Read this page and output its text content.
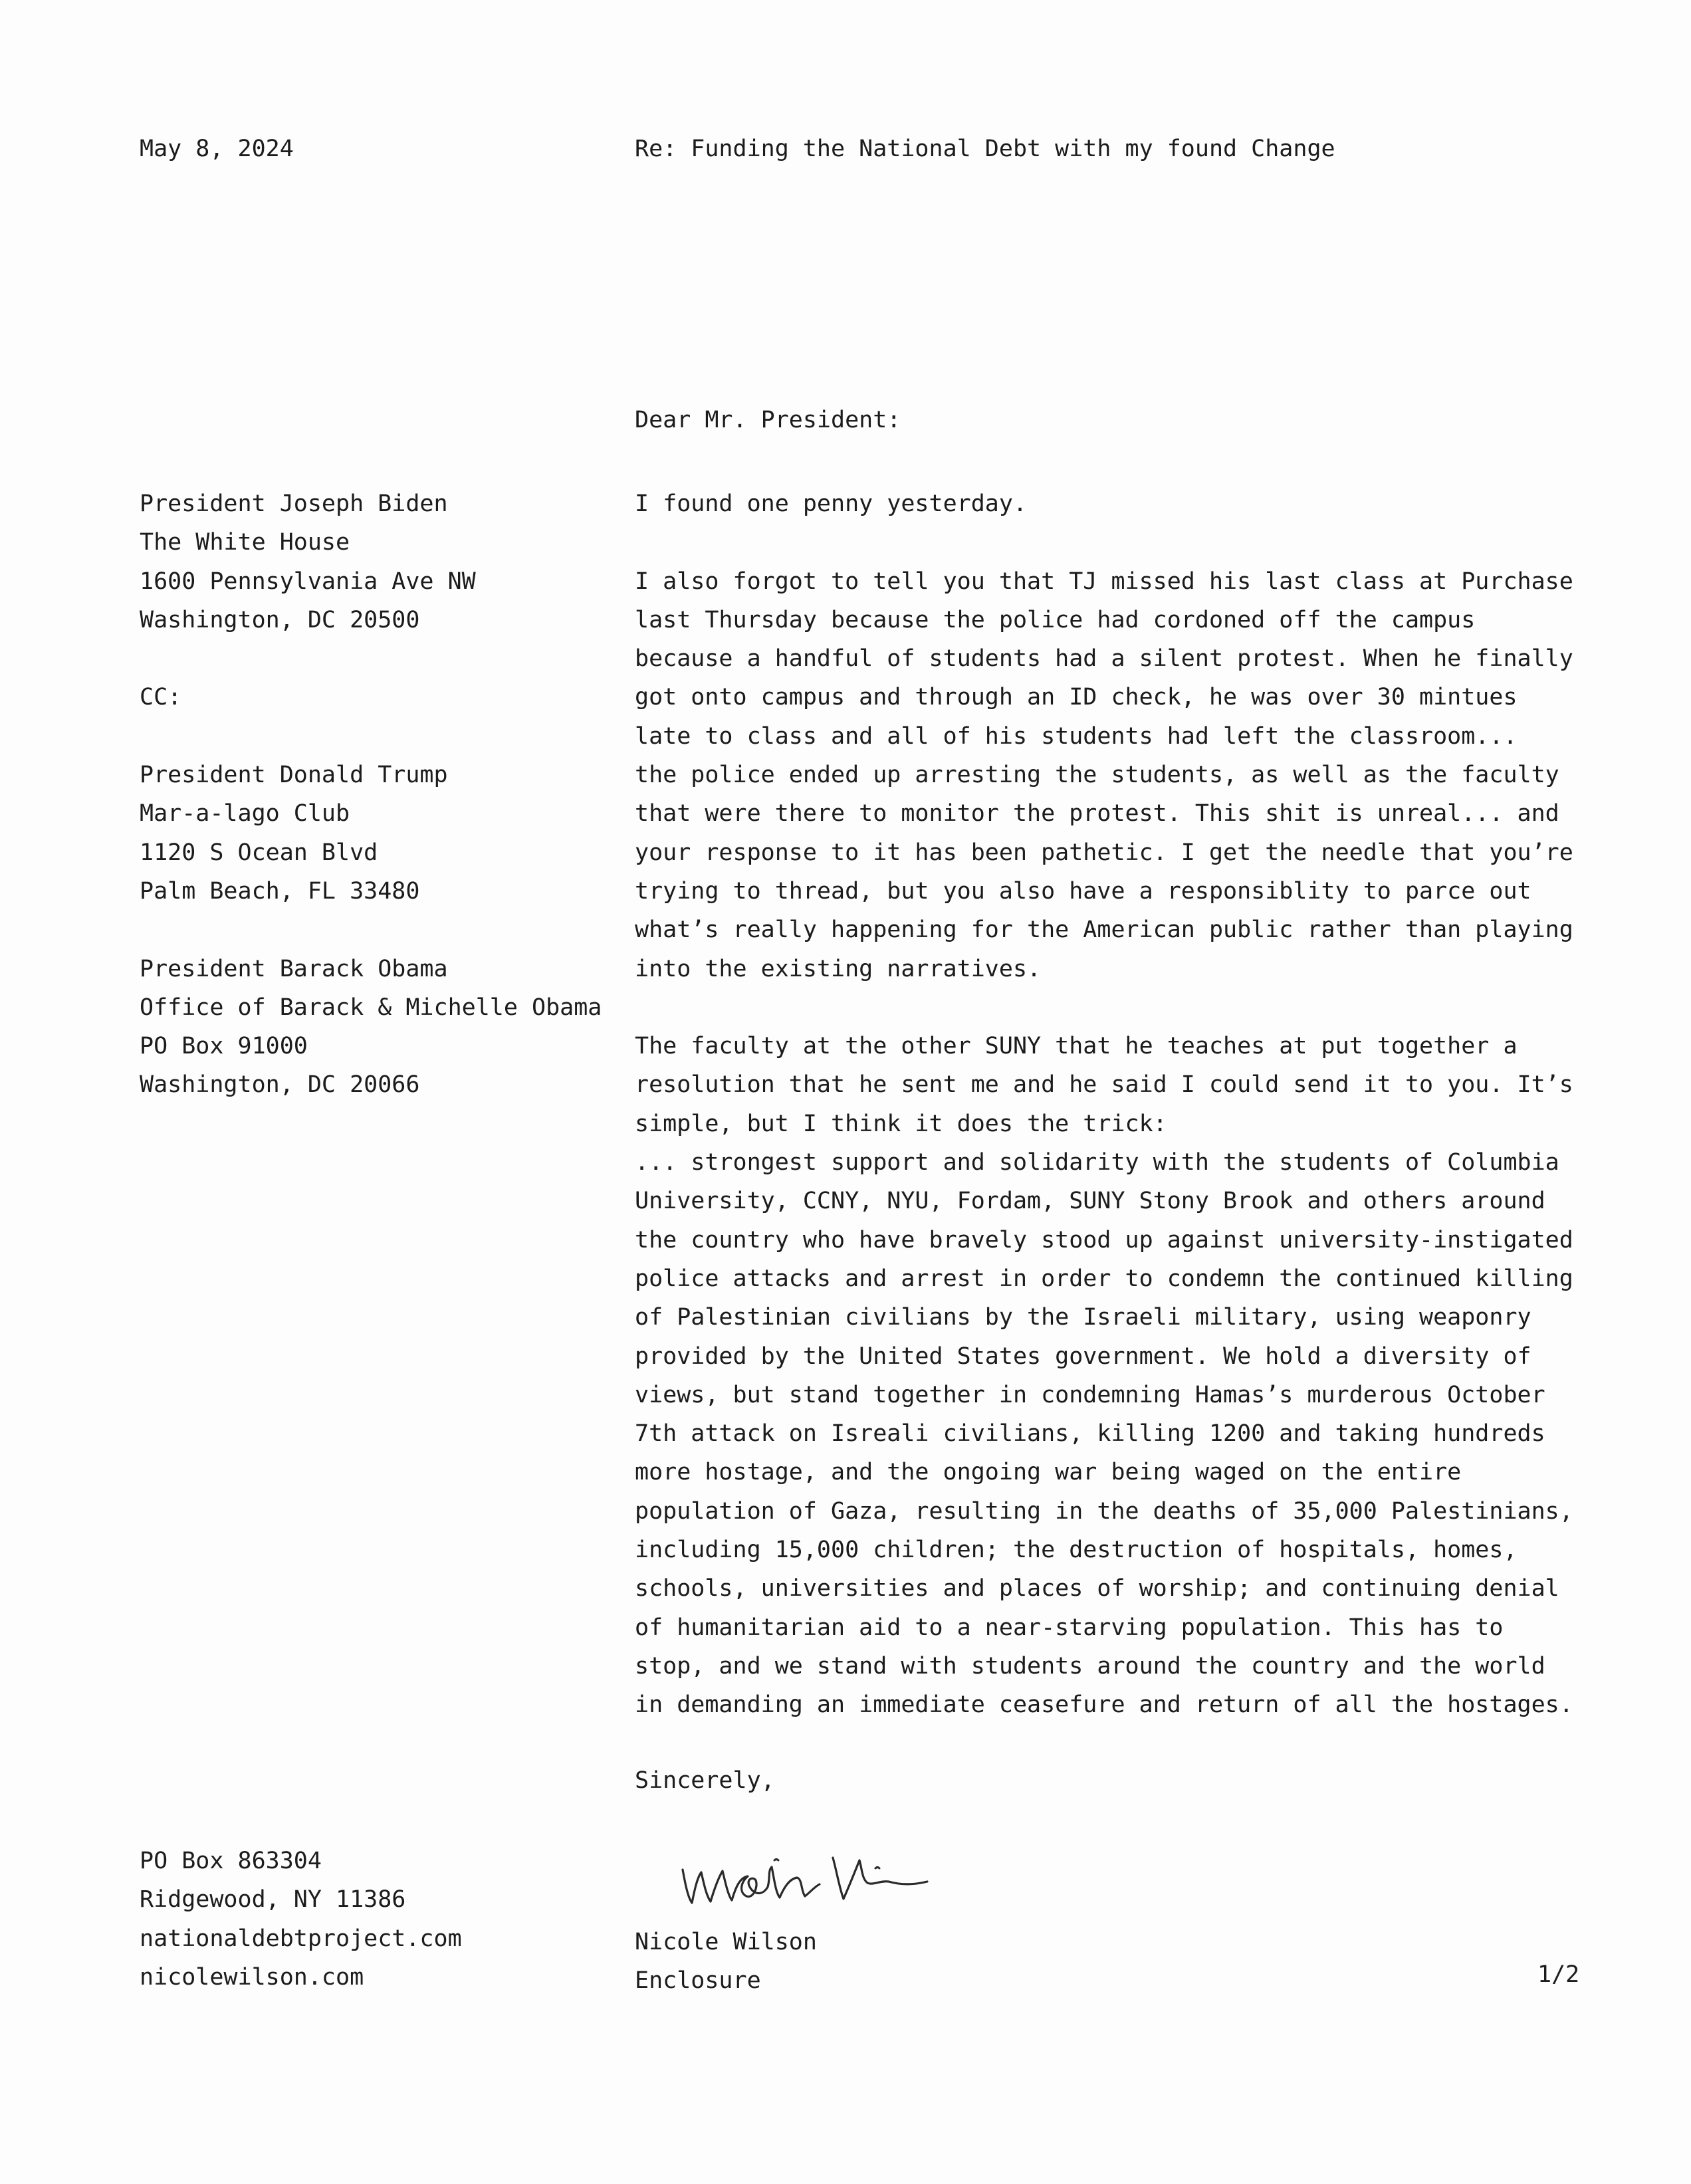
May 8, 2024	Re: Funding the National Debt with my found Change
Dear Mr. President:
President Joseph Biden
The White House
1600 Pennsylvania Ave NW
Washington, DC 20500
CC:
President Donald Trump
Mar-a-lago Club
1120 S Ocean Blvd
Palm Beach, FL 33480
President Barack Obama
Office of Barack & Michelle Obama
PO Box 91000
Washington, DC 20066
I found one penny yesterday.
I also forgot to tell you that TJ missed his last class at Purchase
last Thursday because the police had cordoned off the campus
because a handful of students had a silent protest. When he finally
got onto campus and through an ID check, he was over 30 mintues
late to class and all of his students had left the classroom...
the police ended up arresting the students, as well as the faculty
that were there to monitor the protest. This shit is unreal... and
your response to it has been pathetic. I get the needle that you’re
trying to thread, but you also have a responsiblity to parce out
what’s really happening for the American public rather than playing
into the existing narratives.
The faculty at the other SUNY that he teaches at put together a
resolution that he sent me and he said I could send it to you. It’s
simple, but I think it does the trick:
... strongest support and solidarity with the students of Columbia
University, CCNY, NYU, Fordam, SUNY Stony Brook and others around
the country who have bravely stood up against university-instigated
police attacks and arrest in order to condemn the continued killing
of Palestinian civilians by the Israeli military, using weaponry
provided by the United States government. We hold a diversity of
views, but stand together in condemning Hamas’s murderous October
7th attack on Isreali civilians, killing 1200 and taking hundreds
more hostage, and the ongoing war being waged on the entire
population of Gaza, resulting in the deaths of 35,000 Palestinians,
including 15,000 children; the destruction of hospitals, homes,
schools, universities and places of worship; and continuing denial
of humanitarian aid to a near-starving population. This has to
stop, and we stand with students around the country and the world
in demanding an immediate ceasefure and return of all the hostages.
Sincerely,
Nicole Wilson
Enclosure
PO Box 863304
Ridgewood, NY 11386
nationaldebtproject.com
nicolewilson.com	1/2
